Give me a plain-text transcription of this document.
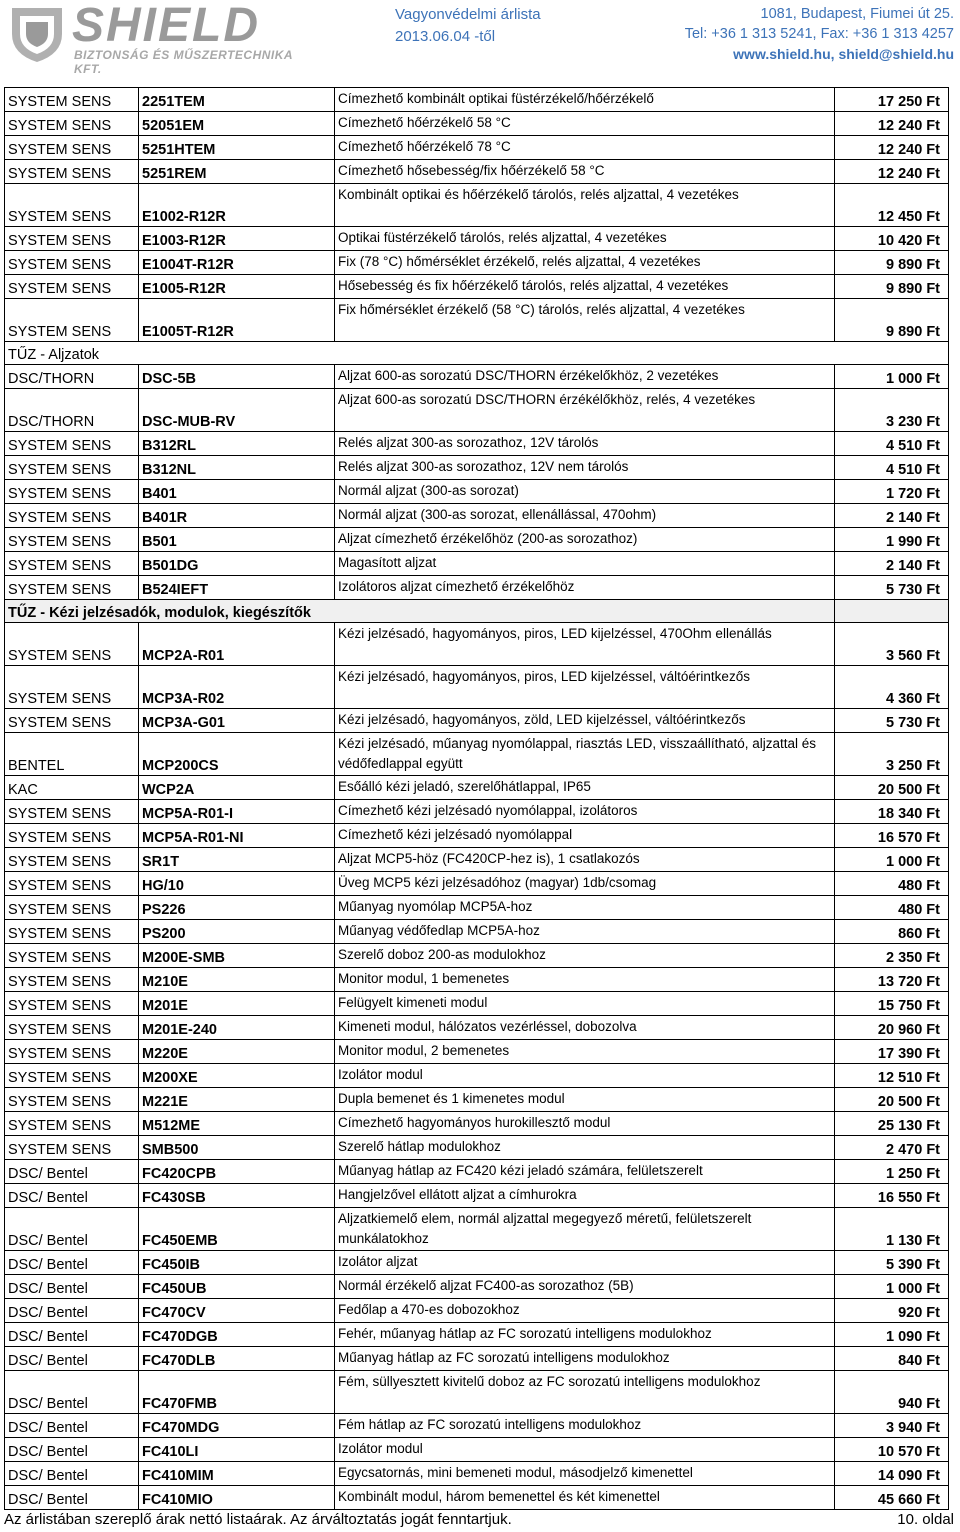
SHIELD
BIZTONSÁG ÉS MŰSZERTECHNIKA KFT.
Vagyonvédelmi árlista
2013.06.04 -től
1081, Budapest, Fiumei út 25.
Tel: +36 1 313 5241, Fax: +36 1 313 4257
www.shield.hu, shield@shield.hu
SYSTEM SENS	2251TEM	Címezhető kombinált optikai füstérzékelő/hőérzékelő	17 250 Ft
SYSTEM SENS	52051EM	Címezhető hőérzékelő 58 °C	12 240 Ft
SYSTEM SENS	5251HTEM	Címezhető hőérzékelő 78 °C	12 240 Ft
SYSTEM SENS	5251REM	Címezhető hősebesség/fix hőérzékelő 58 °C	12 240 Ft
SYSTEM SENS	E1002-R12R	Kombinált optikai és hőérzékelő tárolós, relés aljzattal, 4 vezetékes	12 450 Ft
SYSTEM SENS	E1003-R12R	Optikai füstérzékelő tárolós, relés aljzattal, 4 vezetékes	10 420 Ft
SYSTEM SENS	E1004T-R12R	Fix (78 °C) hőmérséklet érzékelő, relés aljzattal, 4 vezetékes	9 890 Ft
SYSTEM SENS	E1005-R12R	Hősebesség és fix hőérzékelő tárolós, relés aljzattal, 4 vezetékes	9 890 Ft
SYSTEM SENS	E1005T-R12R	Fix hőmérséklet érzékelő (58 °C) tárolós, relés aljzattal, 4 vezetékes	9 890 Ft
TŰZ - Aljzatok			
DSC/THORN	DSC-5B	Aljzat 600-as sorozatú DSC/THORN érzékelőkhöz, 2 vezetékes	1 000 Ft
DSC/THORN	DSC-MUB-RV	Aljzat 600-as sorozatú DSC/THORN érzékélőkhöz, relés, 4 vezetékes	3 230 Ft
SYSTEM SENS	B312RL	Relés aljzat 300-as sorozathoz, 12V tárolós	4 510 Ft
SYSTEM SENS	B312NL	Relés aljzat 300-as sorozathoz, 12V nem tárolós	4 510 Ft
SYSTEM SENS	B401	Normál aljzat (300-as sorozat)	1 720 Ft
SYSTEM SENS	B401R	Normál aljzat (300-as sorozat, ellenállással, 470ohm)	2 140 Ft
SYSTEM SENS	B501	Aljzat címezhető érzékelőhöz (200-as sorozathoz)	1 990 Ft
SYSTEM SENS	B501DG	Magasított aljzat	2 140 Ft
SYSTEM SENS	B524IEFT	Izolátoros aljzat címezhető érzékelőhöz	5 730 Ft
TŰZ - Kézi jelzésadók, modulok, kiegészítők			
SYSTEM SENS	MCP2A-R01	Kézi jelzésadó, hagyományos, piros, LED kijelzéssel, 470Ohm ellenállás	3 560 Ft
SYSTEM SENS	MCP3A-R02	Kézi jelzésadó, hagyományos, piros, LED kijelzéssel, váltóérintkezős	4 360 Ft
SYSTEM SENS	MCP3A-G01	Kézi jelzésadó, hagyományos, zöld, LED kijelzéssel, váltóérintkezős	5 730 Ft
BENTEL	MCP200CS	Kézi jelzésadó, műanyag nyomólappal, riasztás LED, visszaállítható, aljzattal és védőfedlappal együtt	3 250 Ft
KAC	WCP2A	Esőálló kézi jeladó, szerelőhátlappal, IP65	20 500 Ft
SYSTEM SENS	MCP5A-R01-I	Címezhető kézi jelzésadó nyomólappal, izolátoros	18 340 Ft
SYSTEM SENS	MCP5A-R01-NI	Címezhető kézi jelzésadó nyomólappal	16 570 Ft
SYSTEM SENS	SR1T	Aljzat MCP5-höz (FC420CP-hez is), 1 csatlakozós	1 000 Ft
SYSTEM SENS	HG/10	Üveg MCP5 kézi jelzésadóhoz (magyar) 1db/csomag	480 Ft
SYSTEM SENS	PS226	Műanyag nyomólap MCP5A-hoz	480 Ft
SYSTEM SENS	PS200	Műanyag védőfedlap MCP5A-hoz	860 Ft
SYSTEM SENS	M200E-SMB	Szerelő doboz 200-as modulokhoz	2 350 Ft
SYSTEM SENS	M210E	Monitor modul, 1 bemenetes	13 720 Ft
SYSTEM SENS	M201E	Felügyelt kimeneti modul	15 750 Ft
SYSTEM SENS	M201E-240	Kimeneti modul, hálózatos vezérléssel, dobozolva	20 960 Ft
SYSTEM SENS	M220E	Monitor modul, 2 bemenetes	17 390 Ft
SYSTEM SENS	M200XE	Izolátor modul	12 510 Ft
SYSTEM SENS	M221E	Dupla bemenet és 1 kimenetes modul	20 500 Ft
SYSTEM SENS	M512ME	Címezhető hagyományos hurokillesztő modul	25 130 Ft
SYSTEM SENS	SMB500	Szerelő hátlap modulokhoz	2 470 Ft
DSC/ Bentel	FC420CPB	Műanyag hátlap az FC420 kézi jeladó számára, felületszerelt	1 250 Ft
DSC/ Bentel	FC430SB	Hangjelzővel ellátott aljzat a címhurokra	16 550 Ft
DSC/ Bentel	FC450EMB	Aljzatkiemelő elem, normál aljzattal megegyező méretű, felületszerelt munkálatokhoz	1 130 Ft
DSC/ Bentel	FC450IB	Izolátor aljzat	5 390 Ft
DSC/ Bentel	FC450UB	Normál érzékelő aljzat FC400-as sorozathoz (5B)	1 000 Ft
DSC/ Bentel	FC470CV	Fedőlap a 470-es dobozokhoz	920 Ft
DSC/ Bentel	FC470DGB	Fehér, műanyag hátlap az FC sorozatú intelligens modulokhoz	1 090 Ft
DSC/ Bentel	FC470DLB	Műanyag hátlap az FC sorozatú intelligens modulokhoz	840 Ft
DSC/ Bentel	FC470FMB	Fém, süllyesztett kivitelű doboz az FC sorozatú intelligens modulokhoz	940 Ft
DSC/ Bentel	FC470MDG	Fém hátlap az FC sorozatú intelligens modulokhoz	3 940 Ft
DSC/ Bentel	FC410LI	Izolátor modul	10 570 Ft
DSC/ Bentel	FC410MIM	Egycsatornás, mini bemeneti modul, másodjelző kimenettel	14 090 Ft
DSC/ Bentel	FC410MIO	Kombinált modul, három bemenettel és két kimenettel	45 660 Ft
Az árlistában szereplő árak nettó listaárak. Az árváltoztatás jogát fenntartjuk.	10. oldal
